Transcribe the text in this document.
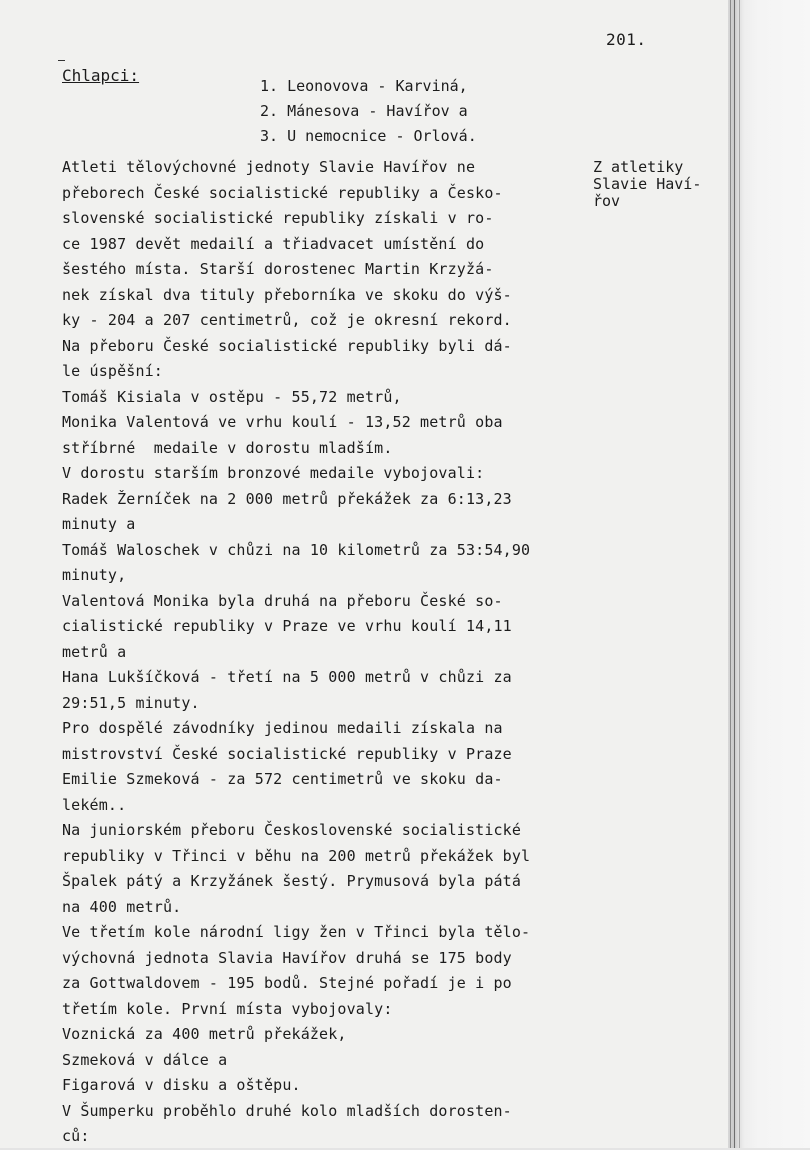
201.
Chlapci:
1. Leonovova - Karviná,
2. Mánesova - Havířov a
3. U nemocnice - Orlová.
Z atletiky
Slavie Haví-
řov
Atleti tělovýchovné jednoty Slavie Havířov ne
přeborech České socialistické republiky a Česko-
slovenské socialistické republiky získali v ro-
ce 1987 devět medailí a třiadvacet umístění do
šestého místa. Starší dorostenec Martin Krzyžá-
nek získal dva tituly přeborníka ve skoku do výš-
ky - 204 a 207 centimetrů, což je okresní rekord.
Na přeboru České socialistické republiky byli dá-
le úspěšní:
Tomáš Kisiala v ostěpu - 55,72 metrů,
Monika Valentová ve vrhu koulí - 13,52 metrů oba
stříbrné  medaile v dorostu mladším.
V dorostu starším bronzové medaile vybojovali:
Radek Žerníček na 2 000 metrů překážek za 6:13,23
minuty a
Tomáš Waloschek v chůzi na 10 kilometrů za 53:54,90
minuty,
Valentová Monika byla druhá na přeboru České so-
cialistické republiky v Praze ve vrhu koulí 14,11
metrů a
Hana Lukšíčková - třetí na 5 000 metrů v chůzi za
29:51,5 minuty.
Pro dospělé závodníky jedinou medaili získala na
mistrovství České socialistické republiky v Praze
Emilie Szmeková - za 572 centimetrů ve skoku da-
lekém..
Na juniorském přeboru Československé socialistické
republiky v Třinci v běhu na 200 metrů překážek byl
Špalek pátý a Krzyžánek šestý. Prymusová byla pátá
na 400 metrů.
Ve třetím kole národní ligy žen v Třinci byla tělo-
výchovná jednota Slavia Havířov druhá se 175 body
za Gottwaldovem - 195 bodů. Stejné pořadí je i po
třetím kole. První místa vybojovaly:
Voznická za 400 metrů překážek,
Szmeková v dálce a
Figarová v disku a oštěpu.
V Šumperku proběhlo druhé kolo mladších dorosten-
ců:
